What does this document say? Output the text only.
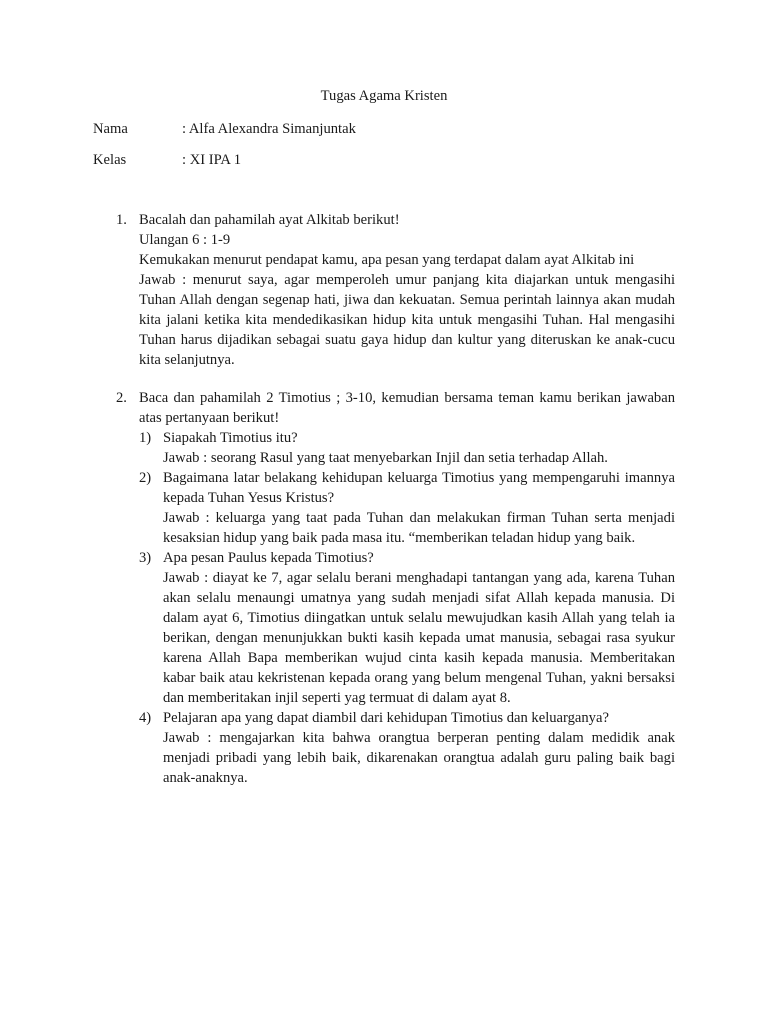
Tugas Agama Kristen
Nama	: Alfa Alexandra Simanjuntak
Kelas	: XI IPA 1
1. Bacalah dan pahamilah ayat Alkitab berikut!

Ulangan 6 : 1-9

Kemukakan menurut pendapat kamu, apa pesan yang terdapat dalam ayat Alkitab ini

Jawab : menurut saya, agar memperoleh umur panjang kita diajarkan untuk mengasihi Tuhan Allah dengan segenap hati, jiwa dan kekuatan. Semua perintah lainnya akan mudah kita jalani ketika kita mendedikasikan hidup kita untuk mengasihi Tuhan. Hal mengasihi Tuhan harus dijadikan sebagai suatu gaya hidup dan kultur yang diteruskan ke anak-cucu kita selanjutnya.

2. Baca dan pahamilah 2 Timotius ; 3-10, kemudian bersama teman kamu berikan jawaban atas pertanyaan berikut!

1) Siapakah Timotius itu?

Jawab : seorang Rasul yang taat menyebarkan Injil dan setia terhadap Allah.

2) Bagaimana latar belakang kehidupan keluarga Timotius yang mempengaruhi imannya kepada Tuhan Yesus Kristus?

Jawab : keluarga yang taat pada Tuhan dan melakukan firman Tuhan serta menjadi kesaksian hidup yang baik pada masa itu. “memberikan teladan hidup yang baik.

3) Apa pesan Paulus kepada Timotius?

Jawab : diayat ke 7, agar selalu berani menghadapi tantangan yang ada, karena Tuhan akan selalu menaungi umatnya yang sudah menjadi sifat Allah kepada manusia. Di dalam ayat 6, Timotius diingatkan untuk selalu mewujudkan kasih Allah yang telah ia berikan, dengan menunjukkan bukti kasih kepada umat manusia, sebagai rasa syukur karena Allah Bapa memberikan wujud cinta kasih kepada manusia. Memberitakan kabar baik atau kekristenan kepada orang yang belum mengenal Tuhan, yakni bersaksi dan memberitakan injil seperti yag termuat di dalam ayat 8.

4) Pelajaran apa yang dapat diambil dari kehidupan Timotius dan keluarganya?

Jawab : mengajarkan kita bahwa orangtua berperan penting dalam medidik anak menjadi pribadi yang lebih baik, dikarenakan orangtua adalah guru paling baik bagi anak-anaknya.
